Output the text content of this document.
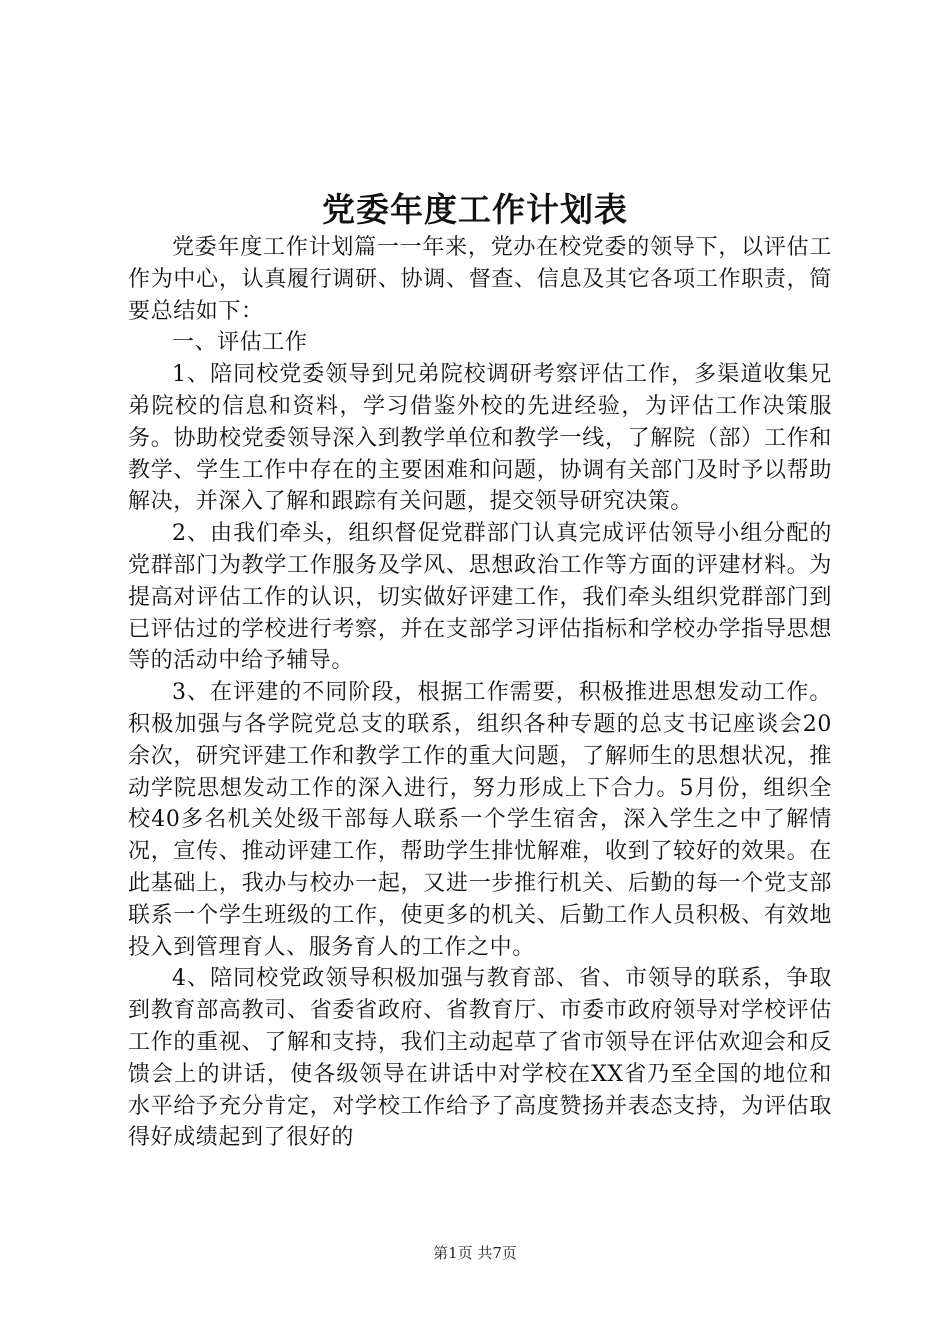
党委年度工作计划表

党委年度工作计划篇一一年来，党办在校党委的领导下，以评估工作为中心，认真履行调研、协调、督查、信息及其它各项工作职责，简要总结如下：

一、评估工作

1、陪同校党委领导到兄弟院校调研考察评估工作，多渠道收集兄弟院校的信息和资料，学习借鉴外校的先进经验，为评估工作决策服务。协助校党委领导深入到教学单位和教学一线，了解院（部）工作和教学、学生工作中存在的主要困难和问题，协调有关部门及时予以帮助解决，并深入了解和跟踪有关问题，提交领导研究决策。

2、由我们牵头，组织督促党群部门认真完成评估领导小组分配的党群部门为教学工作服务及学风、思想政治工作等方面的评建材料。为提高对评估工作的认识，切实做好评建工作，我们牵头组织党群部门到已评估过的学校进行考察，并在支部学习评估指标和学校办学指导思想等的活动中给予辅导。

3、在评建的不同阶段，根据工作需要，积极推进思想发动工作。积极加强与各学院党总支的联系，组织各种专题的总支书记座谈会20余次，研究评建工作和教学工作的重大问题，了解师生的思想状况，推动学院思想发动工作的深入进行，努力形成上下合力。5月份，组织全校40多名机关处级干部每人联系一个学生宿舍，深入学生之中了解情况，宣传、推动评建工作，帮助学生排忧解难，收到了较好的效果。在此基础上，我办与校办一起，又进一步推行机关、后勤的每一个党支部联系一个学生班级的工作，使更多的机关、后勤工作人员积极、有效地投入到管理育人、服务育人的工作之中。

4、陪同校党政领导积极加强与教育部、省、市领导的联系，争取到教育部高教司、省委省政府、省教育厅、市委市政府领导对学校评估工作的重视、了解和支持，我们主动起草了省市领导在评估欢迎会和反馈会上的讲话，使各级领导在讲话中对学校在XX省乃至全国的地位和水平给予充分肯定，对学校工作给予了高度赞扬并表态支持，为评估取得好成绩起到了很好的

第1页 共7页
